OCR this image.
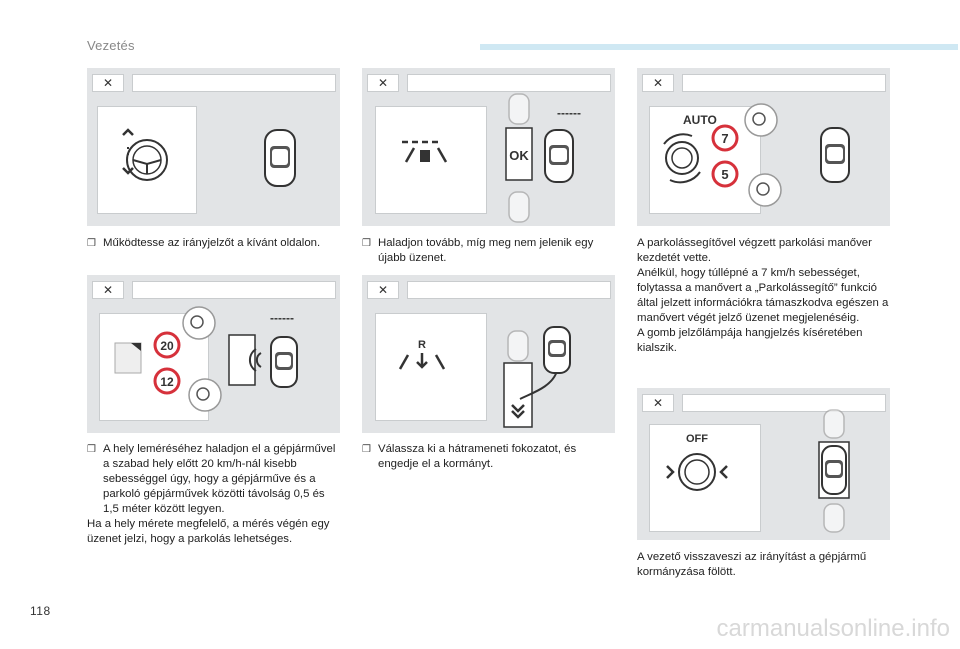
Vezetés
✕
❒ Működtesse az irányjelzőt a kívánt oldalon.
✕
OK
------
❒ Haladjon tovább, míg meg nem jelenik egy újabb üzenet.
✕
AUTO
7
5
A parkolássegítővel végzett parkolási manőver kezdetét vette.
Anélkül, hogy túllépné a 7 km/h sebességet, folytassa a manővert a „Parkolássegítő” funkció által jelzett információkra támaszkodva egészen a manővert végét jelző üzenet megjelenéséig.
A gomb jelzőlámpája hangjelzés kíséretében kialszik.
✕
20
12
------
❒ A hely leméréséhez haladjon el a gépjárművel a szabad hely előtt 20 km/h-nál kisebb sebességgel úgy, hogy a gépjárműve és a parkoló gépjárművek közötti távolság 0,5 és 1,5 méter között legyen.
Ha a hely mérete megfelelő, a mérés végén egy üzenet jelzi, hogy a parkolás lehetséges.
✕
R
❒ Válassza ki a hátrameneti fokozatot, és engedje el a kormányt.
✕
OFF
A vezető visszaveszi az irányítást a gépjármű kormányzása fölött.
118
carmanualsonline.info
